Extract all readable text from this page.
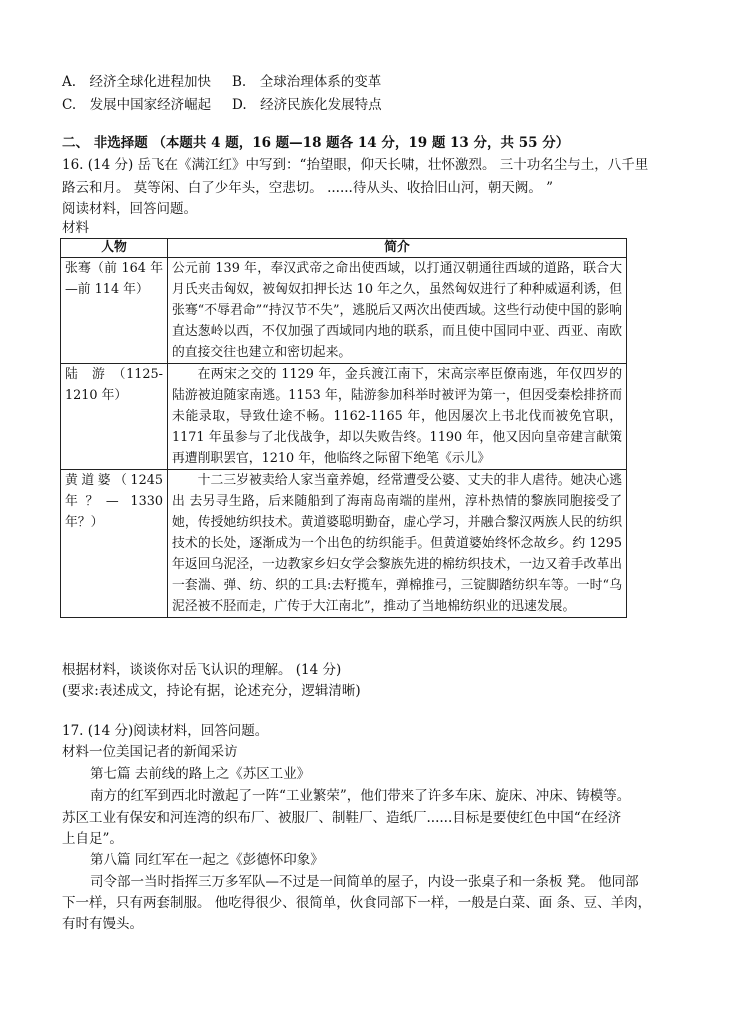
A.　经济全球化进程加快 B.　全球治理体系的变革
C.　发展中国家经济崛起 D.　经济民族化发展特点
二、 非选择题 （本题共 4 题，16 题—18 题各 14 分，19 题 13 分，共 55 分）
16. (14 分) 岳飞在《满江红》中写到：“抬望眼，仰天长啸，壮怀激烈。 三十功名尘与土，八千里
路云和月。 莫等闲、白了少年头，空悲切。 ......待从头、收拾旧山河，朝天阙。 ”
阅读材料，回答问题。
材料
人物	简介
张骞（前 164 年—前 114 年）	公元前 139 年，奉汉武帝之命出使西域，以打通汉朝通往西域的道路，联合大月氏夹击匈奴，被匈奴扣押长达 10 年之久，虽然匈奴进行了种种威逼利诱，但张骞“不辱君命”“持汉节不失”，逃脱后又两次出使西域。这些行动使中国的影响直达葱岭以西，不仅加强了西域同内地的联系，而且使中国同中亚、西亚、南欧的直接交往也建立和密切起来。
陆　游　（1125-1210 年）	在两宋之交的 1129 年，金兵渡江南下，宋高宗率臣僚南逃，年仅四岁的陆游被迫随家南逃。1153 年，陆游参加科举时被评为第一，但因受秦桧排挤而未能录取，导致仕途不畅。1162-1165 年，他因屡次上书北伐而被免官职，1171 年虽参与了北伐战争，却以失败告终。1190 年，他又因向皇帝建言献策再遭削职罢官，1210 年，他临终之际留下绝笔《示儿》
黄道婆（1245 年？— 1330 年？）	十二三岁被卖给人家当童养媳，经常遭受公婆、丈夫的非人虐待。她决心逃出 去另寻生路，后来随船到了海南岛南端的崖州，淳朴热情的黎族同胞接受了她，传授她纺织技术。黄道婆聪明勤奋，虚心学习，并融合黎汉两族人民的纺织技术的长处，逐渐成为一个出色的纺织能手。但黄道婆始终怀念故乡。约 1295 年返回乌泥泾，一边教家乡妇女学会黎族先进的棉纺织技术，一边又着手改革出一套湍、弹、纺、织的工具:去籽揽车，弹棉推弓，三锭脚踏纺织车等。一时“乌泥泾被不胫而走，广传于大江南北”，推动了当地棉纺织业的迅速发展。
根据材料，谈谈你对岳飞认识的理解。 (14 分)
(要求:表述成文，持论有据，论述充分，逻辑清晰)
17. (14 分)阅读材料，回答问题。
材料一位美国记者的新闻采访
第七篇 去前线的路上之《苏区工业》
南方的红军到西北时激起了一阵“工业繁荣”，他们带来了许多车床、旋床、冲床、铸模等。
苏区工业有保安和河连湾的织布厂、被服厂、制鞋厂、造纸厂......目标是要使红色中国“在经济
上自足”。
第八篇 同红军在一起之《彭德怀印象》
司令部一当时指挥三万多军队—不过是一间简单的屋子，内设一张桌子和一条板 凳。 他同部
下一样，只有两套制服。 他吃得很少、很简单，伙食同部下一样，一般是白菜、面 条、豆、羊肉，
有时有馒头。
